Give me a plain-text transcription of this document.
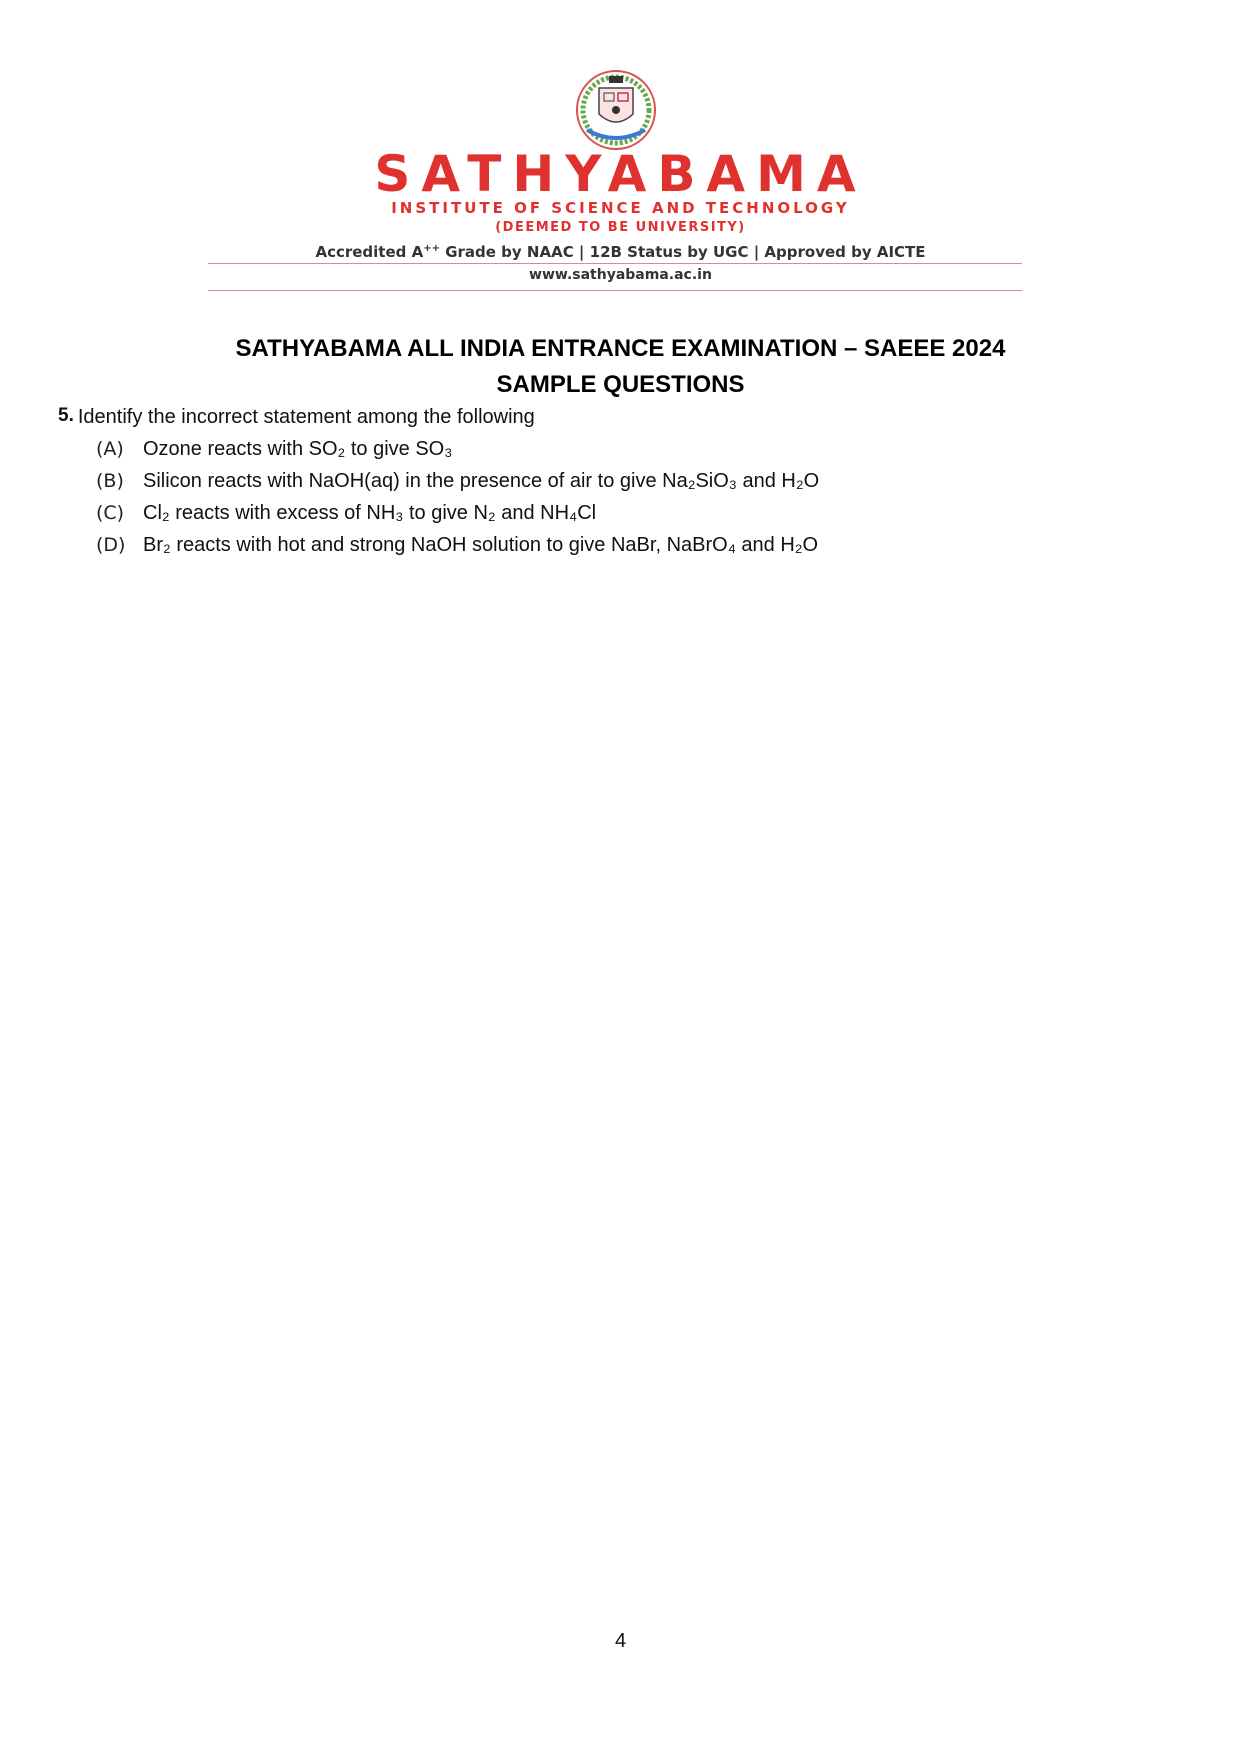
SATHYABAMA
INSTITUTE OF SCIENCE AND TECHNOLOGY
(DEEMED TO BE UNIVERSITY)
Accredited A++ Grade by NAAC | 12B Status by UGC | Approved by AICTE
www.sathyabama.ac.in
SATHYABAMA ALL INDIA ENTRANCE EXAMINATION – SAEEE 2024
SAMPLE QUESTIONS
5. Identify the incorrect statement among the following
(A) Ozone reacts with SO₂ to give SO₃
(B) Silicon reacts with NaOH(aq) in the presence of air to give Na₂SiO₃ and H₂O
(C) Cl₂ reacts with excess of NH₃ to give N₂ and NH₄Cl
(D) Br₂ reacts with hot and strong NaOH solution to give NaBr, NaBrO₄ and H₂O
4
